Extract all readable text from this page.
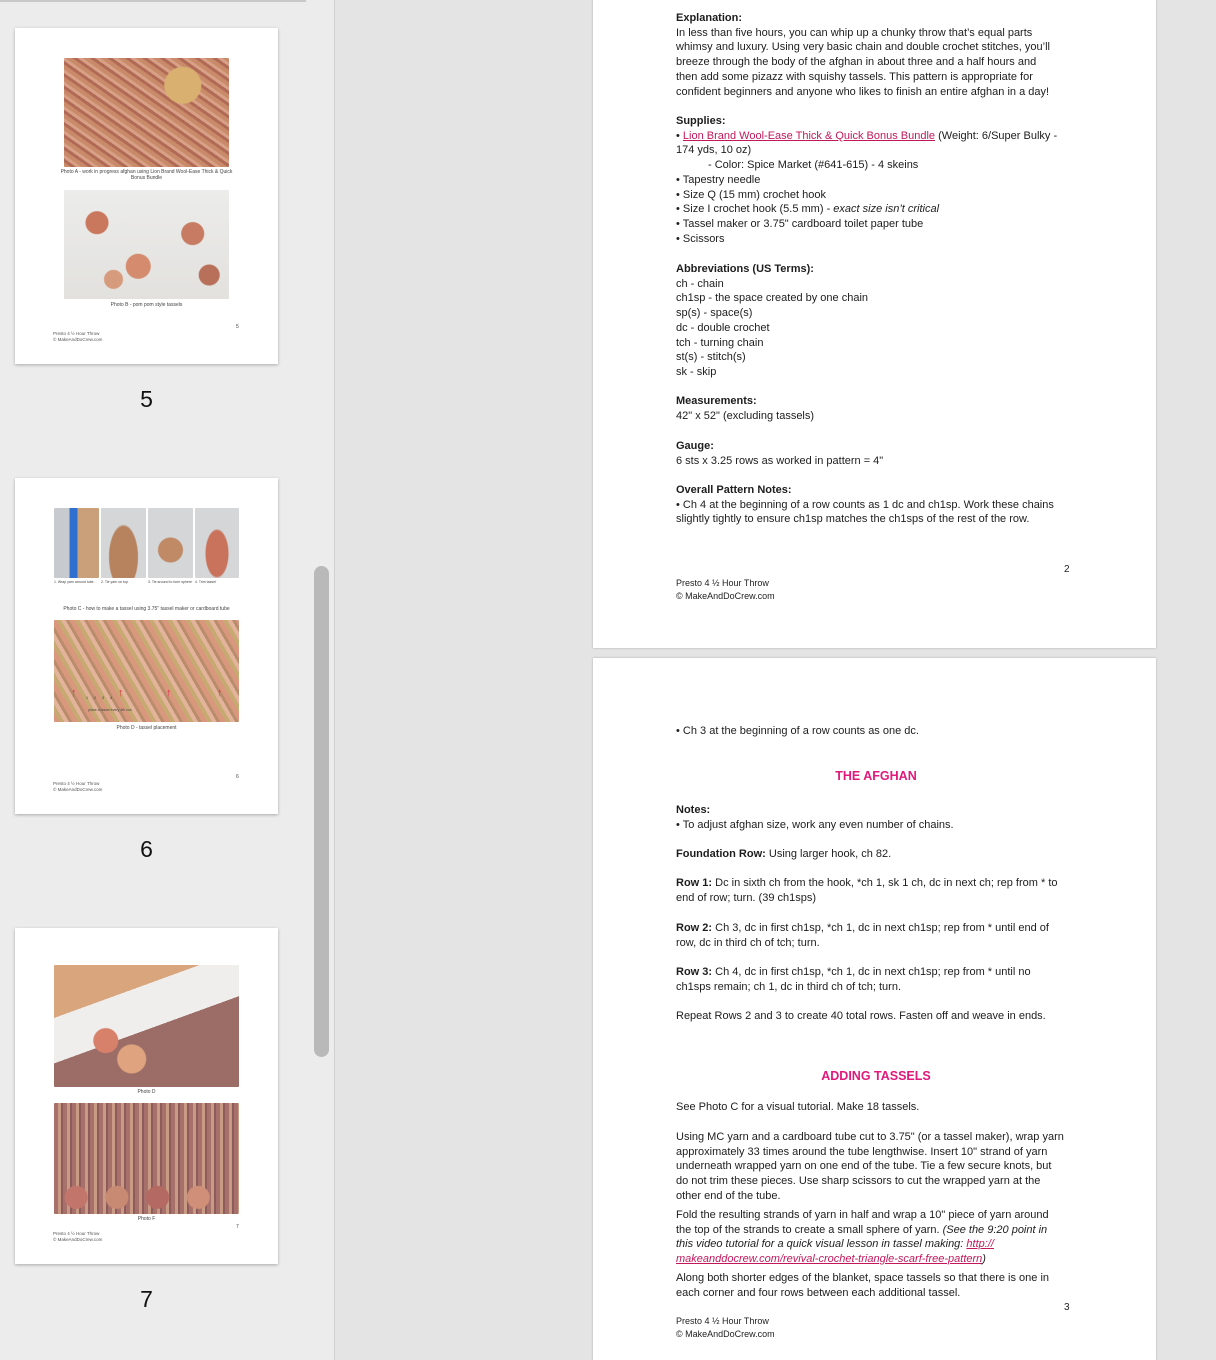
Photo A - work in progress afghan using Lion Brand Wool-Ease Thick & Quick Bonus Bundle
Photo B - pom pom style tassels
Presto 4 ½ Hour Throw
© MakeAndDoCrew.com
5
5
1. Wrap yarn around tube	2. Tie yarn on top	3. Tie around to form sphere 4. Trim tassel
Photo C - how to make a tassel using 3.75" tassel maker or cardboard tube
↑	↑	↑	↑
1	2	3	4
place a tassel every 4th row
Photo D - tassel placement
Presto 4 ½ Hour Throw
© MakeAndDoCrew.com
6
6
Photo D
Photo F
Presto 4 ½ Hour Throw
© MakeAndDoCrew.com
7
7
Explanation:
In less than five hours, you can whip up a chunky throw that’s equal parts
whimsy and luxury. Using very basic chain and double crochet stitches, you’ll
breeze through the body of the afghan in about three and a half hours and
then add some pizazz with squishy tassels. This pattern is appropriate for
confident beginners and anyone who likes to finish an entire afghan in a day!
Supplies:
• Lion Brand Wool-Ease Thick & Quick Bonus Bundle (Weight: 6/Super Bulky -
174 yds, 10 oz)
- Color: Spice Market (#641-615) - 4 skeins
• Tapestry needle
• Size Q (15 mm) crochet hook
• Size I crochet hook (5.5 mm) - exact size isn’t critical
• Tassel maker or 3.75" cardboard toilet paper tube
• Scissors
Abbreviations (US Terms):
ch - chain
ch1sp - the space created by one chain
sp(s) - space(s)
dc - double crochet
tch - turning chain
st(s) - stitch(s)
sk - skip
Measurements:
42" x 52" (excluding tassels)
Gauge:
6 sts x 3.25 rows as worked in pattern = 4"
Overall Pattern Notes:
• Ch 4 at the beginning of a row counts as 1 dc and ch1sp. Work these chains
slightly tightly to ensure ch1sp matches the ch1sps of the rest of the row.
2
Presto 4 ½ Hour Throw
© MakeAndDoCrew.com
• Ch 3 at the beginning of a row counts as one dc.
THE AFGHAN
Notes:
• To adjust afghan size, work any even number of chains.
Foundation Row: Using larger hook, ch 82.
Row 1: Dc in sixth ch from the hook, *ch 1, sk 1 ch, dc in next ch; rep from * to
end of row; turn. (39 ch1sps)
Row 2: Ch 3, dc in first ch1sp, *ch 1, dc in next ch1sp; rep from * until end of
row, dc in third ch of tch; turn.
Row 3: Ch 4, dc in first ch1sp, *ch 1, dc in next ch1sp; rep from * until no
ch1sps remain; ch 1, dc in third ch of tch; turn.
Repeat Rows 2 and 3 to create 40 total rows. Fasten off and weave in ends.
ADDING TASSELS
See Photo C for a visual tutorial. Make 18 tassels.
Using MC yarn and a cardboard tube cut to 3.75" (or a tassel maker), wrap yarn
approximately 33 times around the tube lengthwise. Insert 10" strand of yarn
underneath wrapped yarn on one end of the tube. Tie a few secure knots, but
do not trim these pieces. Use sharp scissors to cut the wrapped yarn at the
other end of the tube.
Fold the resulting strands of yarn in half and wrap a 10" piece of yarn around
the top of the strands to create a small sphere of yarn. (See the 9:20 point in
this video tutorial for a quick visual lesson in tassel making: http://
makeanddocrew.com/revival-crochet-triangle-scarf-free-pattern)
Along both shorter edges of the blanket, space tassels so that there is one in
each corner and four rows between each additional tassel.
3
Presto 4 ½ Hour Throw
© MakeAndDoCrew.com
